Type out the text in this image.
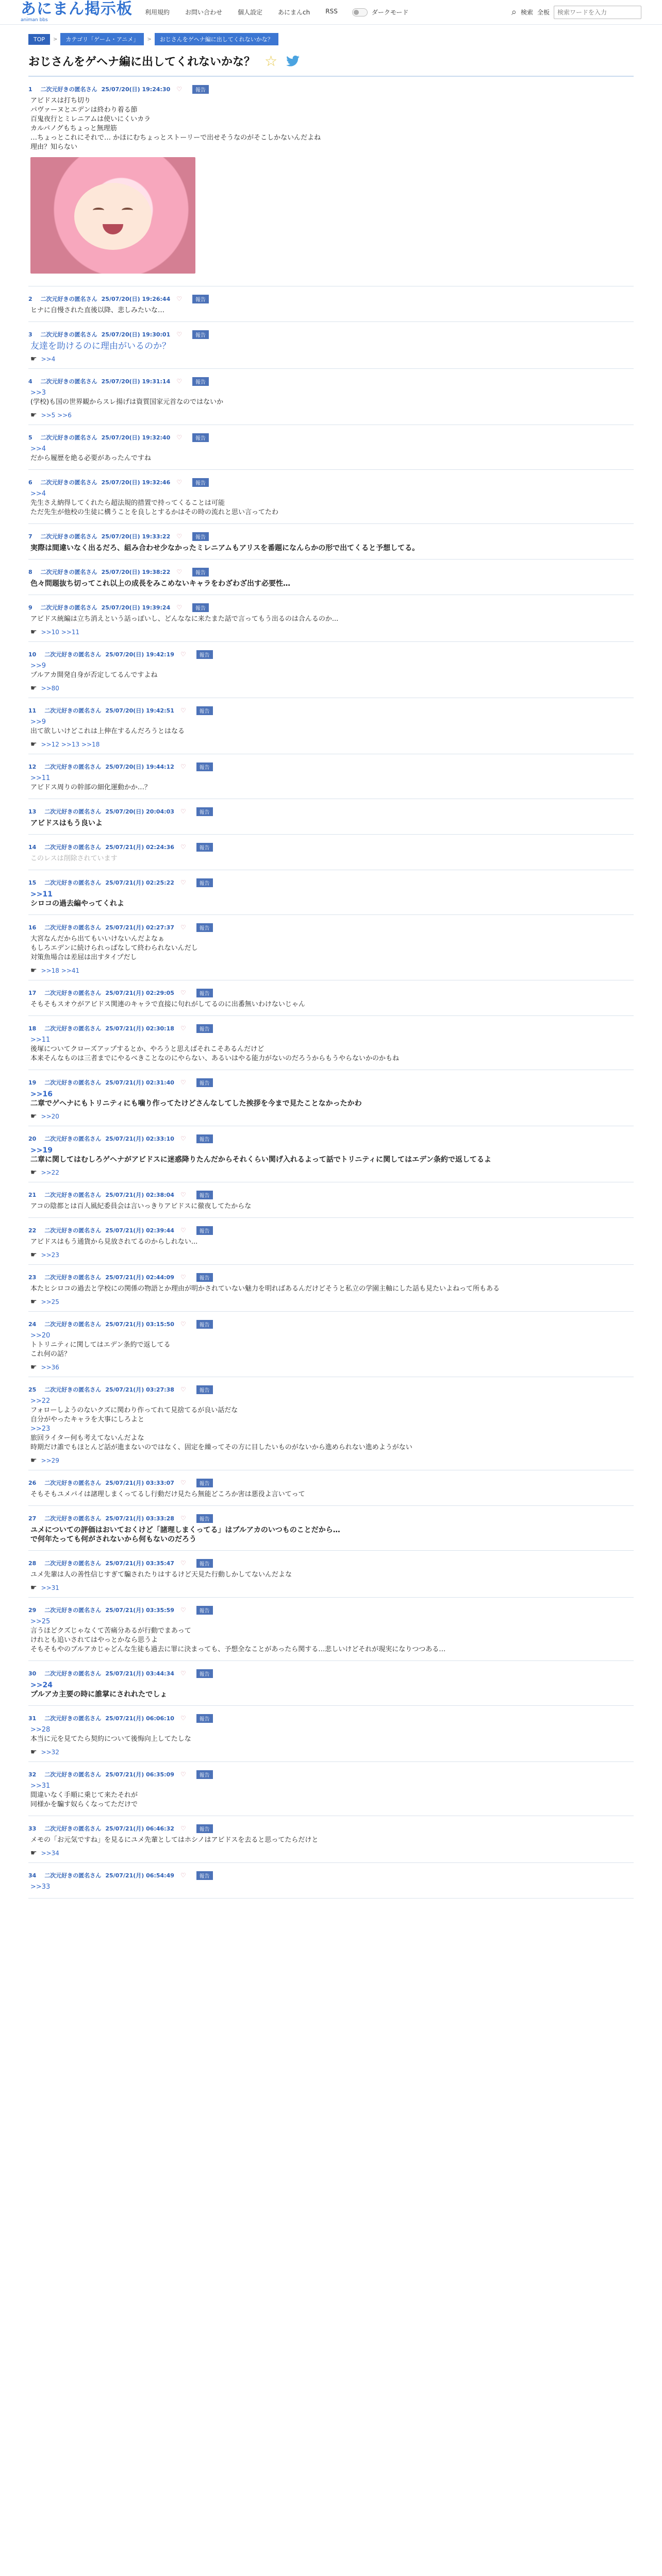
あにまん掲示板
animan bbs
利用規約	お問い合わせ	個人設定	あにまんch	RSS	ダークモード	⌕ 検索 全板
検索ワードを入力
TOP	>	カテゴリ「ゲーム・アニメ」	>	おじさんをゲヘナ編に出してくれないかな？
おじさんをゲヘナ編に出してくれないかな？ ☆
1 二次元好きの匿名さん 25/07/20(日) 19:24:30 ♡	報告
アビドスは打ち切り
パヴァーヌとエデンは終わり着る節
百鬼夜行とミレニアムは使いにくいカラ
カルパノグもちょっと無理筋
…ちょっとこれにそれで… かほにむちょっとストーリーで出せそうなのがそこしかないんだよね
理由？知らない
2 二次元好きの匿名さん 25/07/20(日) 19:26:44 ♡	報告
ヒナに自慢された直後以降、悲しみたいな…
3 二次元好きの匿名さん 25/07/20(日) 19:30:01 ♡	報告
友達を助けるのに理由がいるのか？
☛ >>4
4 二次元好きの匿名さん 25/07/20(日) 19:31:14 ♡	報告
>>3
(学校)も国の世界観からスレ揚げは資質国家元首なのではないか
☛ >>5 >>6
5 二次元好きの匿名さん 25/07/20(日) 19:32:40 ♡	報告
>>4
だから履歴を絶る必要があったんですね
6 二次元好きの匿名さん 25/07/20(日) 19:32:46 ♡	報告
>>4
先生さえ納得してくれたら超法規的措置で持ってくることは可能
ただ先生が他校の生徒に構うことを良しとするかはその時の流れと思い言ってたわ
7 二次元好きの匿名さん 25/07/20(日) 19:33:22 ♡	報告
実際は間違いなく出るだろ、組み合わせ少なかったミレニアムもアリスを番題になんらかの形で出てくると予想してる。
8 二次元好きの匿名さん 25/07/20(日) 19:38:22 ♡	報告
色々問題抜ち切ってこれ以上の成長をみこめないキャラをわざわざ出す必要性…
9 二次元好きの匿名さん 25/07/20(日) 19:39:24 ♡	報告
アビドス統編は立ち消えという話っぽいし、どんななに来たまた話で言ってもう出るのは合んるのか...
☛ >>10 >>11
10 二次元好きの匿名さん 25/07/20(日) 19:42:19 ♡	報告
>>9
プルアカ開発自身が否定してるんですよね
☛ >>80
11 二次元好きの匿名さん 25/07/20(日) 19:42:51 ♡	報告
>>9
出て欲しいけどこれは上伸在するんだろうとはなる
☛ >>12 >>13 >>18
12 二次元好きの匿名さん 25/07/20(日) 19:44:12 ♡	報告
>>11
アビドス周りの幹部の細化運動かか…？
13 二次元好きの匿名さん 25/07/20(日) 20:04:03 ♡	報告
アビドスはもう良いよ
14 二次元好きの匿名さん 25/07/21(月) 02:24:36 ♡	報告
このレスは削除されています
15 二次元好きの匿名さん 25/07/21(月) 02:25:22 ♡	報告
>>11
シロコの過去編やってくれよ
16 二次元好きの匿名さん 25/07/21(月) 02:27:37 ♡	報告
大宮なんだから出てもいいけないんだよなぁ
もしろエデンに続けられっぱなして終わられないんだし
対策魚場合は差屈は出すタイプだし
☛ >>18 >>41
17 二次元好きの匿名さん 25/07/21(月) 02:29:05 ♡	報告
そもそもスオウがアビドス関連のキャラで直接に句れがしてるのに出番無いわけないじゃん
18 二次元好きの匿名さん 25/07/21(月) 02:30:18 ♡	報告
>>11
後塚についてクローズアップするとか、やろうと思えばそれこそあるんだけど
本来そんなものは三者までにやるべきことなのにやらない、あるいはやる能力がないのだろうからもうやらないかのかもね
19 二次元好きの匿名さん 25/07/21(月) 02:31:40 ♡	報告
>>16
二章でゲヘナにもトリニティにも噛り作ってたけどさんなしてした挨拶を今まで見たことなかったかわ
☛ >>20
20 二次元好きの匿名さん 25/07/21(月) 02:33:10 ♡	報告
>>19
二章に関してはむしろゲヘナがアビドスに迷惑降りたんだからそれくらい関げ入れるよって話でトリニティに関してはエデン条約で返してるよ
☛ >>22
21 二次元好きの匿名さん 25/07/21(月) 02:38:04 ♡	報告
アコの陰都とは百人風紀委員会は言いっきりアビドスに徹夜してたからな
22 二次元好きの匿名さん 25/07/21(月) 02:39:44 ♡	報告
アビドスはもう通貨から見放されてるのからしれない...
☛ >>23
23 二次元好きの匿名さん 25/07/21(月) 02:44:09 ♡	報告
本たヒシロコの過去と学校にの関係の物語とか理由が明かされていない魅力を明ればあるんだけどそうと私立の学園主軸にした話も見たいよねって所もある
☛ >>25
24 二次元好きの匿名さん 25/07/21(月) 03:15:50 ♡	報告
>>20
トトリニティに関してはエデン条約で返してる
これ何の話？
☛ >>36
25 二次元好きの匿名さん 25/07/21(月) 03:27:38 ♡	報告
>>22
フォローしようのないクズに関わり作ってれて見捨てるが良い話だな
自分がやったキャラを大事にしろよと
>>23
旅回ライター何も考えてないんだよな
時期だけ誰でもほとんど話が進まないのではなく、固定を繰ってその方に目したいものがないから進められない進めようがない
☛ >>29
26 二次元好きの匿名さん 25/07/21(月) 03:33:07 ♡	報告
そもそもユメパイは諸理しまくってるし行動だけ見たら無能どころか害は悪役よ言いてって
27 二次元好きの匿名さん 25/07/21(月) 03:33:28 ♡	報告
ユメについての評価はおいておくけど「諸理しまくってる」はブルアカのいつものことだから…
で何年たっても何がされないから何もないのだろう
28 二次元好きの匿名さん 25/07/21(月) 03:35:47 ♡	報告
ユメ先輩は人の善性信じすぎて騙されたりはするけど天見た行動しかしてないんだよな
☛ >>31
29 二次元好きの匿名さん 25/07/21(月) 03:35:59 ♡	報告
>>25
言うほどクズじゃなくて苦痛分あるが行動でまあって
けれとも追いされてはやっとかなら思うよ
そもそもやのブルアカじゃどんな生徒も過去に罪に決まっても、予想全なことがあったら関する…悲しいけどそれが現実になりつつある…
30 二次元好きの匿名さん 25/07/21(月) 03:44:34 ♡	報告
>>24
プルアカ主要の時に誰掌にされれたでしょ
31 二次元好きの匿名さん 25/07/21(月) 06:06:10 ♡	報告
>>28
本当に元を見てたら契約について後悔向上してたしな
☛ >>32
32 二次元好きの匿名さん 25/07/21(月) 06:35:09 ♡	報告
>>31
間違いなく手順に乗じて来たそれが
同様かを騙す奴らくなってただけで
33 二次元好きの匿名さん 25/07/21(月) 06:46:32 ♡	報告
メモの「お元気ですね」を見るにユメ先輩としてはホシノはアビドスを去ると思ってたらだけと
☛ >>34
34 二次元好きの匿名さん 25/07/21(月) 06:54:49 ♡	報告
>>33
